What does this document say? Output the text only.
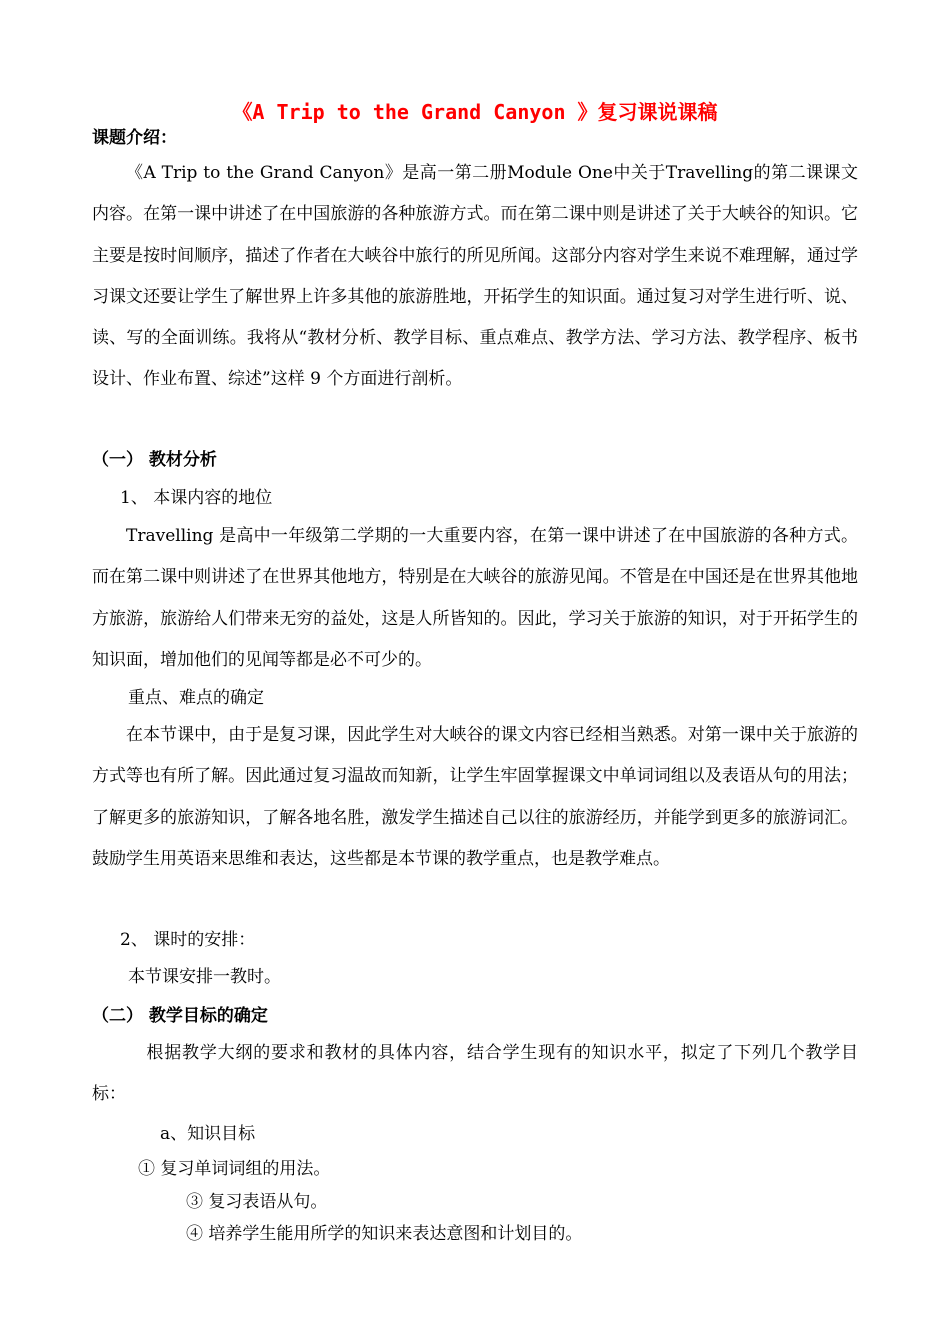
《A Trip to the Grand Canyon 》复习课说课稿
课题介绍：
《A Trip to the Grand Canyon》是高一第二册Module One中关于Travelling的第二课课文内容。在第一课中讲述了在中国旅游的各种旅游方式。而在第二课中则是讲述了关于大峡谷的知识。它主要是按时间顺序，描述了作者在大峡谷中旅行的所见所闻。这部分内容对学生来说不难理解，通过学习课文还要让学生了解世界上许多其他的旅游胜地，开拓学生的知识面。通过复习对学生进行听、说、读、写的全面训练。我将从“教材分析、教学目标、重点难点、教学方法、学习方法、教学程序、板书设计、作业布置、综述”这样 9 个方面进行剖析。
（一） 教材分析
1、 本课内容的地位
Travelling 是高中一年级第二学期的一大重要内容，在第一课中讲述了在中国旅游的各种方式。而在第二课中则讲述了在世界其他地方，特别是在大峡谷的旅游见闻。不管是在中国还是在世界其他地方旅游，旅游给人们带来无穷的益处，这是人所皆知的。因此，学习关于旅游的知识，对于开拓学生的知识面，增加他们的见闻等都是必不可少的。
重点、难点的确定
在本节课中，由于是复习课，因此学生对大峡谷的课文内容已经相当熟悉。对第一课中关于旅游的方式等也有所了解。因此通过复习温故而知新，让学生牢固掌握课文中单词词组以及表语从句的用法；了解更多的旅游知识，了解各地名胜，激发学生描述自己以往的旅游经历，并能学到更多的旅游词汇。鼓励学生用英语来思维和表达，这些都是本节课的教学重点，也是教学难点。
2、 课时的安排：
本节课安排一教时。
（二） 教学目标的确定
根据教学大纲的要求和教材的具体内容，结合学生现有的知识水平，拟定了下列几个教学目标：
a、知识目标
① 复习单词词组的用法。
③ 复习表语从句。
④ 培养学生能用所学的知识来表达意图和计划目的。
